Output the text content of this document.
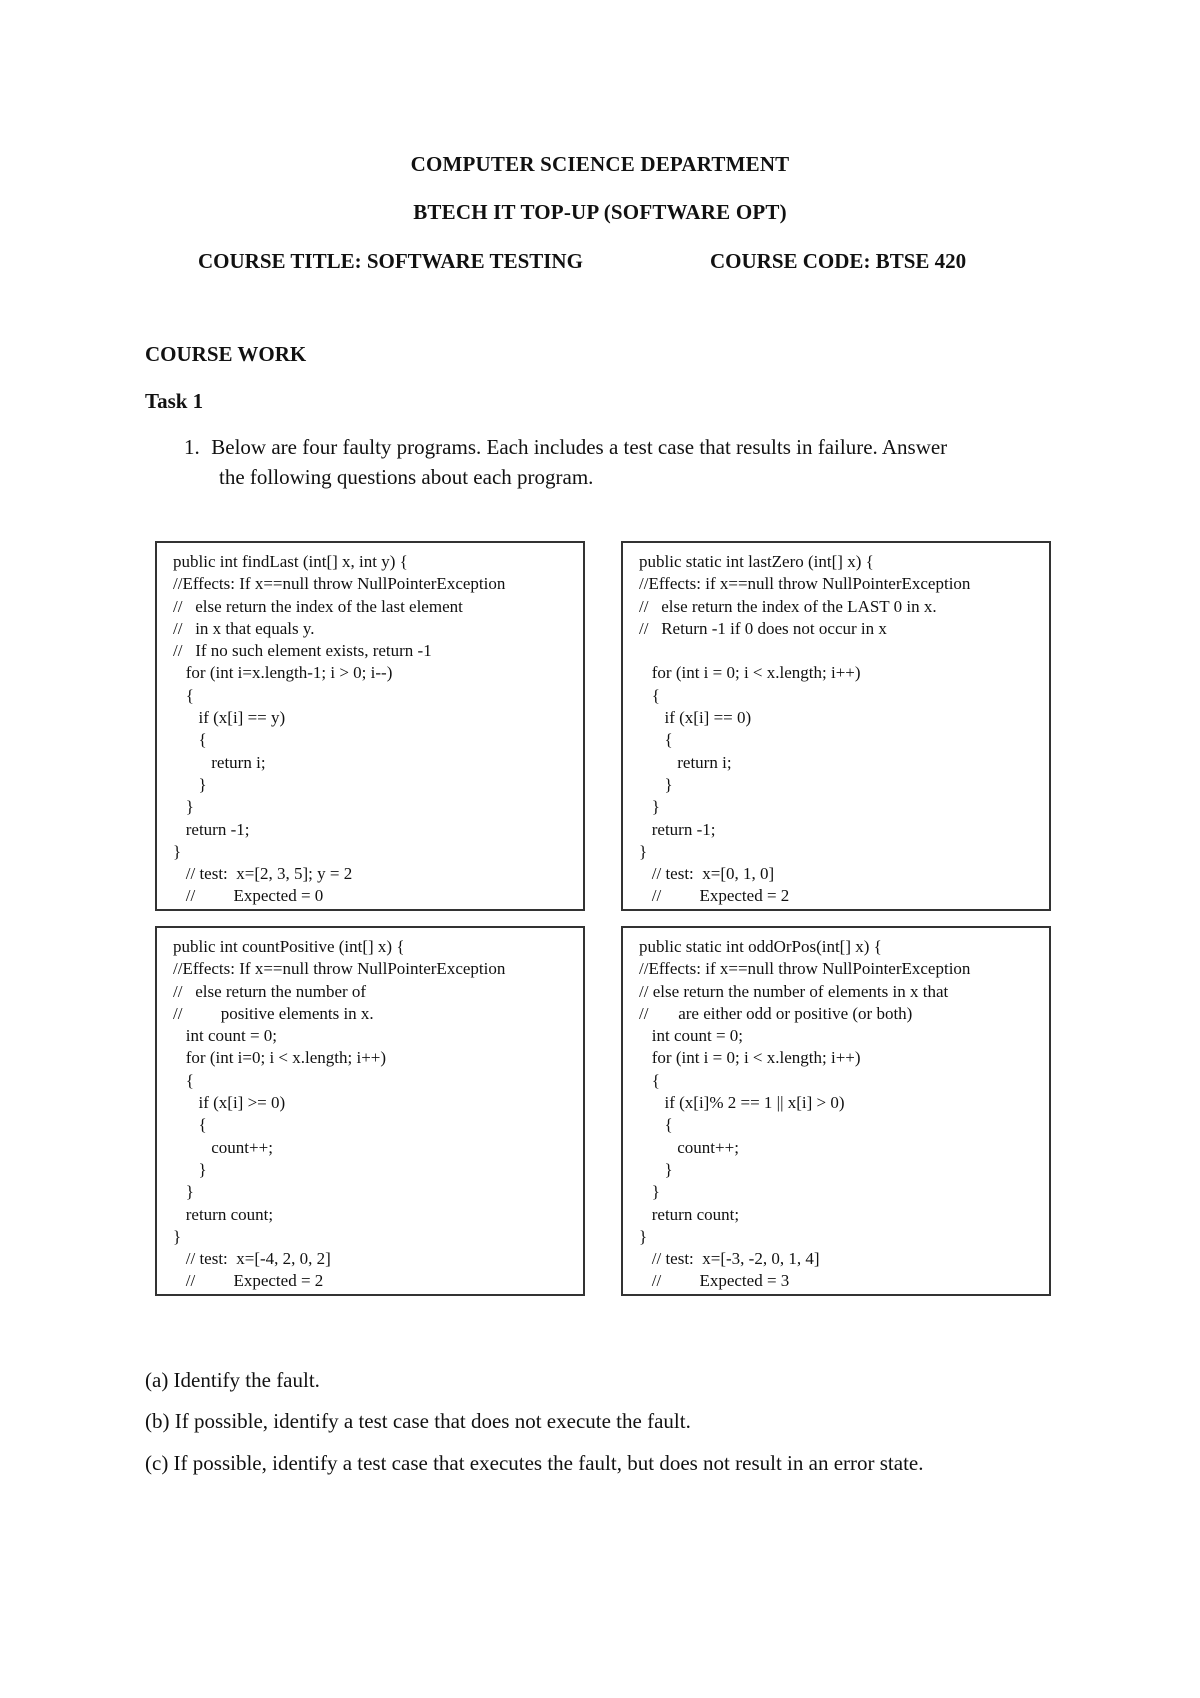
COMPUTER SCIENCE DEPARTMENT
BTECH IT TOP-UP (SOFTWARE OPT)
COURSE TITLE: SOFTWARE TESTING	COURSE CODE: BTSE 420
COURSE WORK
Task 1
1. Below are four faulty programs. Each includes a test case that results in failure. Answer
the following questions about each program.
public int findLast (int[] x, int y) {
//Effects: If x==null throw NullPointerException
//   else return the index of the last element
//   in x that equals y.
//   If no such element exists, return -1
for (int i=x.length-1; i > 0; i--)
{
if (x[i] == y)
{
return i;
}
}
return -1;
}
// test:  x=[2, 3, 5]; y = 2
//         Expected = 0
public static int lastZero (int[] x) {
//Effects: if x==null throw NullPointerException
//   else return the index of the LAST 0 in x.
//   Return -1 if 0 does not occur in x

for (int i = 0; i < x.length; i++)
{
if (x[i] == 0)
{
return i;
}
}
return -1;
}
// test:  x=[0, 1, 0]
//         Expected = 2
public int countPositive (int[] x) {
//Effects: If x==null throw NullPointerException
//   else return the number of
//         positive elements in x.
int count = 0;
for (int i=0; i < x.length; i++)
{
if (x[i] >= 0)
{
count++;
}
}
return count;
}
// test:  x=[-4, 2, 0, 2]
//         Expected = 2
public static int oddOrPos(int[] x) {
//Effects: if x==null throw NullPointerException
// else return the number of elements in x that
//       are either odd or positive (or both)
int count = 0;
for (int i = 0; i < x.length; i++)
{
if (x[i]% 2 == 1 || x[i] > 0)
{
count++;
}
}
return count;
}
// test:  x=[-3, -2, 0, 1, 4]
//         Expected = 3
(a) Identify the fault.
(b) If possible, identify a test case that does not execute the fault.
(c) If possible, identify a test case that executes the fault, but does not result in an error state.
